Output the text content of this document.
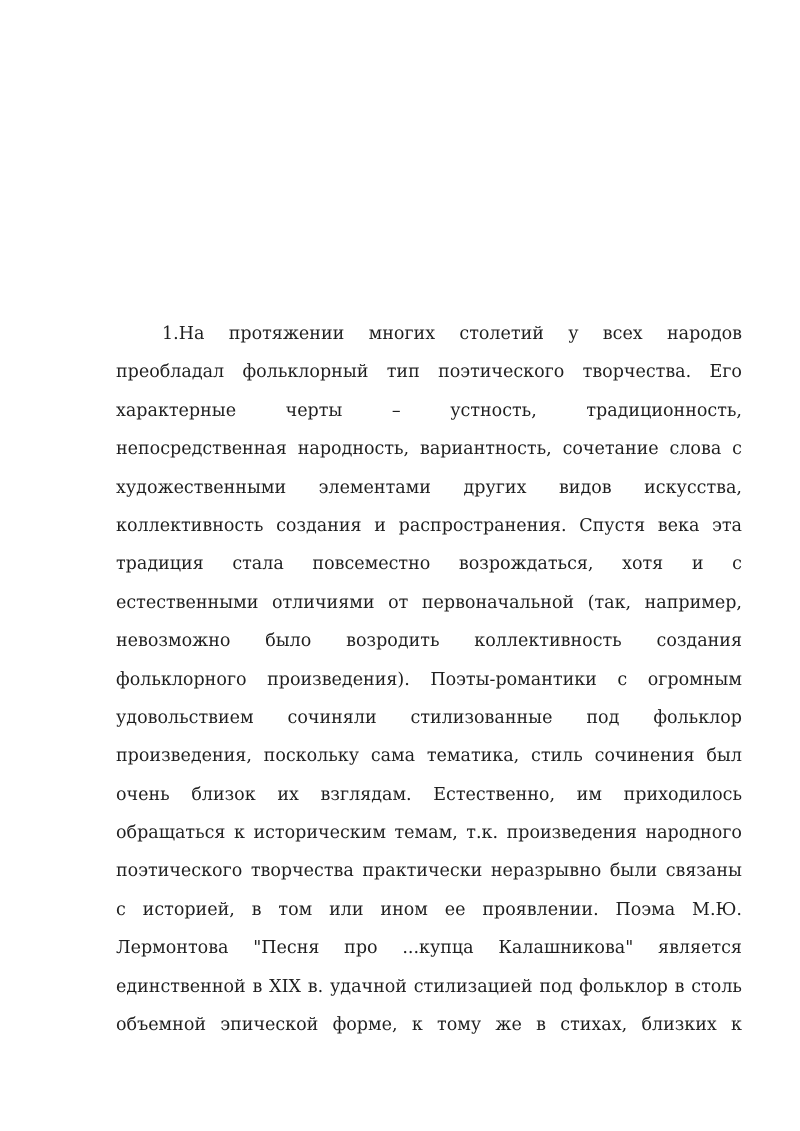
1.На протяжении многих столетий у всех народов
преобладал фольклорный тип поэтического творчества. Его
характерные	черты	–	устность,	традиционность,
непосредственная народность, вариантность, сочетание слова с
художественными элементами других видов искусства,
коллективность создания и распространения. Спустя века эта
традиция стала повсеместно возрождаться, хотя и с
естественными отличиями от первоначальной (так, например,
невозможно было возродить коллективность создания
фольклорного произведения). Поэты-романтики с огромным
удовольствием сочиняли стилизованные под фольклор
произведения, поскольку сама тематика, стиль сочинения был
очень близок их взглядам. Естественно, им приходилось
обращаться к историческим темам, т.к. произведения народного
поэтического творчества практически неразрывно были связаны
с историей, в том или ином ее проявлении. Поэма М.Ю.
Лермонтова "Песня про ...купца Калашникова" является
единственной в XIX в. удачной стилизацией под фольклор в столь
объемной эпической форме, к тому же в стихах, близких к
